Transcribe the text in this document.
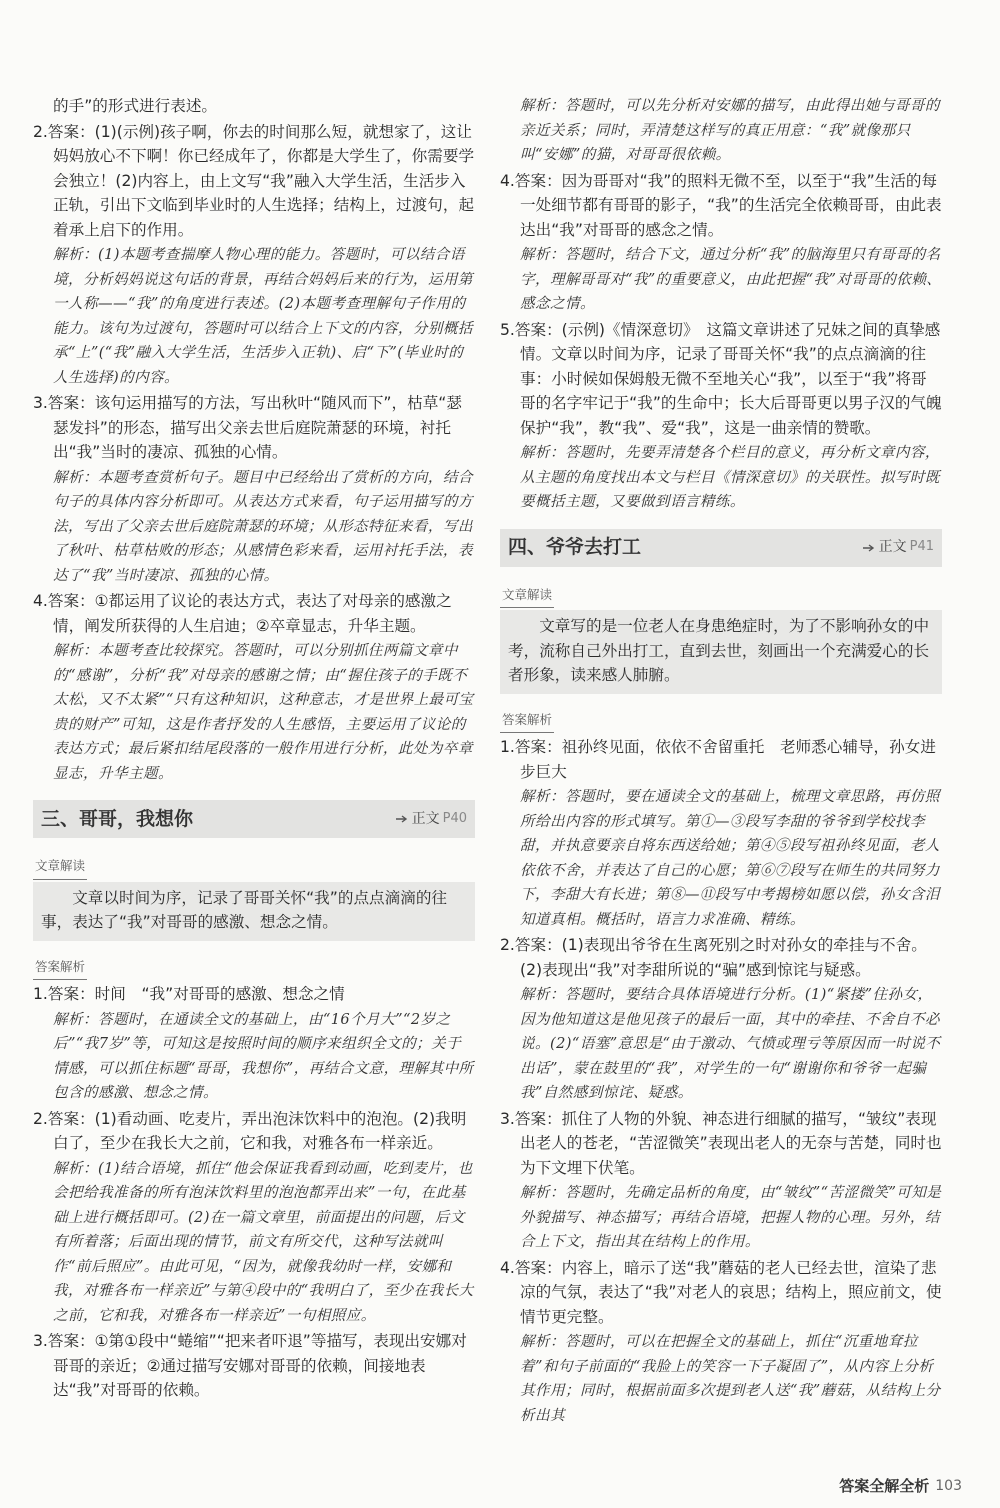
的手”的形式进行表述。
2.答案：(1)(示例)孩子啊，你去的时间那么短，就想家了，这让妈妈放心不下啊！你已经成年了，你都是大学生了，你需要学会独立！(2)内容上，由上文写“我”融入大学生活，生活步入正轨，引出下文临到毕业时的人生选择；结构上，过渡句，起着承上启下的作用。
解析：(1)本题考查揣摩人物心理的能力。答题时，可以结合语境，分析妈妈说这句话的背景，再结合妈妈后来的行为，运用第一人称——“我”的角度进行表述。(2)本题考查理解句子作用的能力。该句为过渡句，答题时可以结合上下文的内容，分别概括承“上”(“我”融入大学生活，生活步入正轨)、启“下”(毕业时的人生选择)的内容。
3.答案：该句运用描写的方法，写出秋叶“随风而下”，枯草“瑟瑟发抖”的形态，描写出父亲去世后庭院萧瑟的环境，衬托出“我”当时的凄凉、孤独的心情。
解析：本题考查赏析句子。题目中已经给出了赏析的方向，结合句子的具体内容分析即可。从表达方式来看，句子运用描写的方法，写出了父亲去世后庭院萧瑟的环境；从形态特征来看，写出了秋叶、枯草枯败的形态；从感情色彩来看，运用衬托手法，表达了“我”当时凄凉、孤独的心情。
4.答案：①都运用了议论的表达方式，表达了对母亲的感激之情，阐发所获得的人生启迪；②卒章显志，升华主题。
解析：本题考查比较探究。答题时，可以分别抓住两篇文章中的“感谢”，分析“我”对母亲的感谢之情；由“握住孩子的手既不太松，又不太紧”“只有这种知识，这种意志，才是世界上最可宝贵的财产”可知，这是作者抒发的人生感悟，主要运用了议论的表达方式；最后紧扣结尾段落的一般作用进行分析，此处为卒章显志，升华主题。
三、哥哥，我想你	正文 P40
文章解读
文章以时间为序，记录了哥哥关怀“我”的点点滴滴的往事，表达了“我”对哥哥的感激、想念之情。
答案解析
1.答案：时间　“我”对哥哥的感激、想念之情
解析：答题时，在通读全文的基础上，由“16个月大”“2岁之后”“我7岁”等，可知这是按照时间的顺序来组织全文的；关于情感，可以抓住标题“哥哥，我想你”，再结合文意，理解其中所包含的感激、想念之情。
2.答案：(1)看动画、吃麦片，弄出泡沫饮料中的泡泡。(2)我明白了，至少在我长大之前，它和我，对雅各布一样亲近。
解析：(1)结合语境，抓住“他会保证我看到动画，吃到麦片，也会把给我准备的所有泡沫饮料里的泡泡都弄出来”一句，在此基础上进行概括即可。(2)在一篇文章里，前面提出的问题，后文有所着落；后面出现的情节，前文有所交代，这种写法就叫作“前后照应”。由此可见，“因为，就像我幼时一样，安娜和我，对雅各布一样亲近”与第④段中的“我明白了，至少在我长大之前，它和我，对雅各布一样亲近”一句相照应。
3.答案：①第①段中“蜷缩”“把来者吓退”等描写，表现出安娜对哥哥的亲近；②通过描写安娜对哥哥的依赖，间接地表达“我”对哥哥的依赖。
解析：答题时，可以先分析对安娜的描写，由此得出她与哥哥的亲近关系；同时，弄清楚这样写的真正用意：“我”就像那只叫“安娜”的猫，对哥哥很依赖。
4.答案：因为哥哥对“我”的照料无微不至，以至于“我”生活的每一处细节都有哥哥的影子，“我”的生活完全依赖哥哥，由此表达出“我”对哥哥的感念之情。
解析：答题时，结合下文，通过分析“我”的脑海里只有哥哥的名字，理解哥哥对“我”的重要意义，由此把握“我”对哥哥的依赖、感念之情。
5.答案：(示例)《情深意切》　这篇文章讲述了兄妹之间的真挚感情。文章以时间为序，记录了哥哥关怀“我”的点点滴滴的往事：小时候如保姆般无微不至地关心“我”，以至于“我”将哥哥的名字牢记于“我”的生命中；长大后哥哥更以男子汉的气魄保护“我”，教“我”、爱“我”，这是一曲亲情的赞歌。
解析：答题时，先要弄清楚各个栏目的意义，再分析文章内容，从主题的角度找出本文与栏目《情深意切》的关联性。拟写时既要概括主题，又要做到语言精练。
四、爷爷去打工	正文 P41
文章解读
文章写的是一位老人在身患绝症时，为了不影响孙女的中考，流称自己外出打工，直到去世，刻画出一个充满爱心的长者形象，读来感人肺腑。
答案解析
1.答案：祖孙终见面，依依不舍留重托　老师悉心辅导，孙女进步巨大
解析：答题时，要在通读全文的基础上，梳理文章思路，再仿照所给出内容的形式填写。第①—③段写李甜的爷爷到学校找李甜，并执意要亲自将东西送给她；第④⑤段写祖孙终见面，老人依依不舍，并表达了自己的心愿；第⑥⑦段写在师生的共同努力下，李甜大有长进；第⑧—⑪段写中考揭榜如愿以偿，孙女含泪知道真相。概括时，语言力求准确、精练。
2.答案：(1)表现出爷爷在生离死别之时对孙女的牵挂与不舍。(2)表现出“我”对李甜所说的“骗”感到惊诧与疑惑。
解析：答题时，要结合具体语境进行分析。(1)“紧搂”住孙女，因为他知道这是他见孩子的最后一面，其中的牵挂、不舍自不必说。(2)“语塞”意思是“由于激动、气愤或理亏等原因而一时说不出话”，蒙在鼓里的“我”，对学生的一句“谢谢你和爷爷一起骗我”自然感到惊诧、疑惑。
3.答案：抓住了人物的外貌、神态进行细腻的描写，“皱纹”表现出老人的苍老，“苦涩微笑”表现出老人的无奈与苦楚，同时也为下文埋下伏笔。
解析：答题时，先确定品析的角度，由“皱纹”“苦涩微笑”可知是外貌描写、神态描写；再结合语境，把握人物的心理。另外，结合上下文，指出其在结构上的作用。
4.答案：内容上，暗示了送“我”蘑菇的老人已经去世，渲染了悲凉的气氛，表达了“我”对老人的哀思；结构上，照应前文，使情节更完整。
解析：答题时，可以在把握全文的基础上，抓住“沉重地耷拉着”和句子前面的“我脸上的笑容一下子凝固了”，从内容上分析其作用；同时，根据前面多次提到老人送“我”蘑菇，从结构上分析出其
答案全解全析 103
